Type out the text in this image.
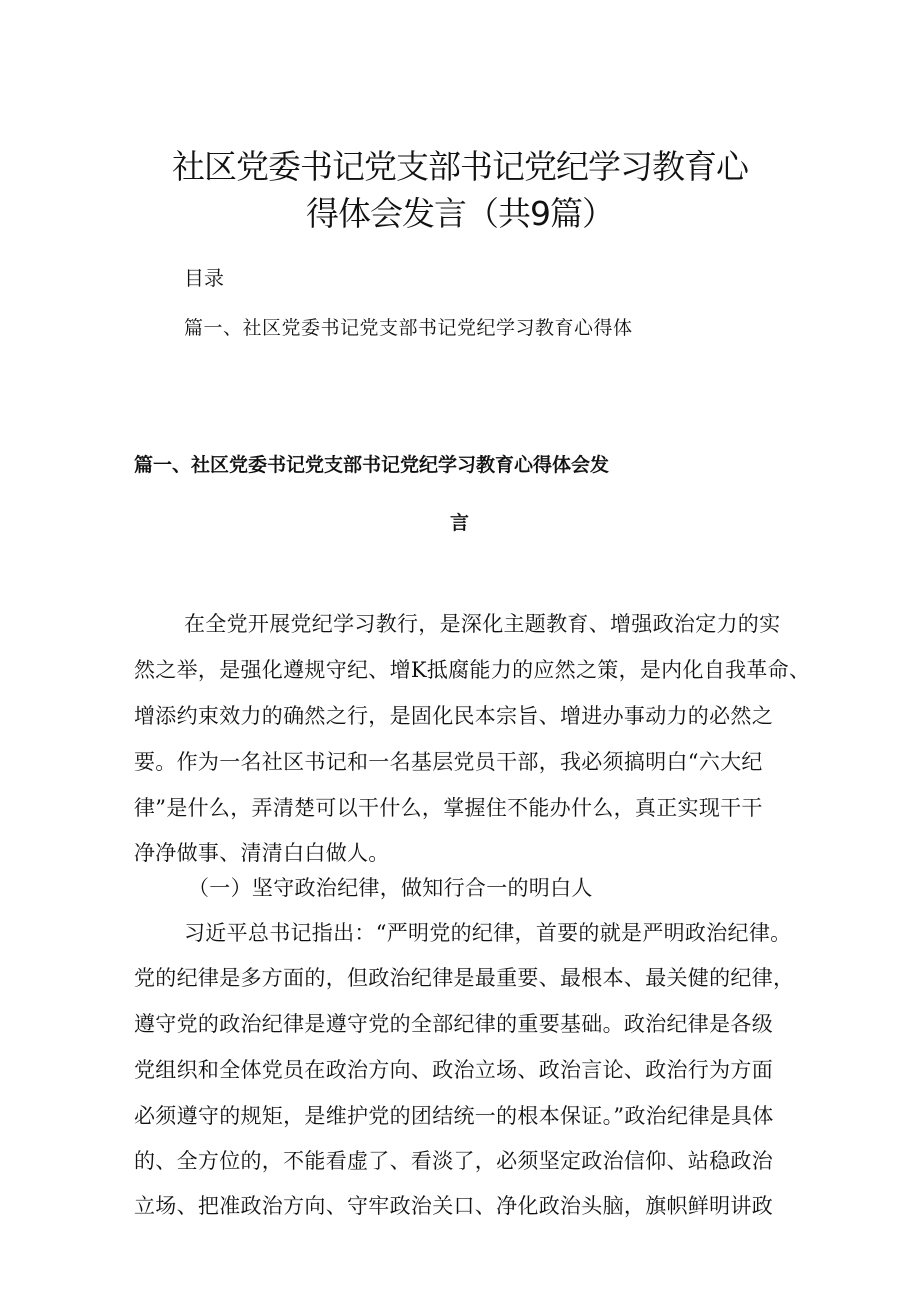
社区党委书记党支部书记党纪学习教育心
得体会发言（共9篇）
目录
篇一、社区党委书记党支部书记党纪学习教育心得体
篇一、社区党委书记党支部书记党纪学习教育心得体会发
言
在全党开展党纪学习教行，是深化主题教育、增强政治定力的实
然之举，是强化遵规守纪、增K抵腐能力的应然之策，是内化自我革命、
增添约束效力的确然之行，是固化民本宗旨、增进办事动力的必然之
要。作为一名社区书记和一名基层党员干部，我必须搞明白“六大纪
律”是什么，弄清楚可以干什么，掌握住不能办什么，真正实现干干
净净做事、清清白白做人。
（一）坚守政治纪律，做知行合一的明白人
习近平总书记指出：“严明党的纪律，首要的就是严明政治纪律。
党的纪律是多方面的，但政治纪律是最重要、最根本、最关健的纪律，
遵守党的政治纪律是遵守党的全部纪律的重要基础。政治纪律是各级
党组织和全体党员在政治方向、政治立场、政治言论、政治行为方面
必须遵守的规矩，是维护党的团结统一的根本保证。”政治纪律是具体
的、全方位的，不能看虚了、看淡了，必须坚定政治信仰、站稳政治
立场、把准政治方向、守牢政治关口、净化政治头脑，旗帜鲜明讲政
